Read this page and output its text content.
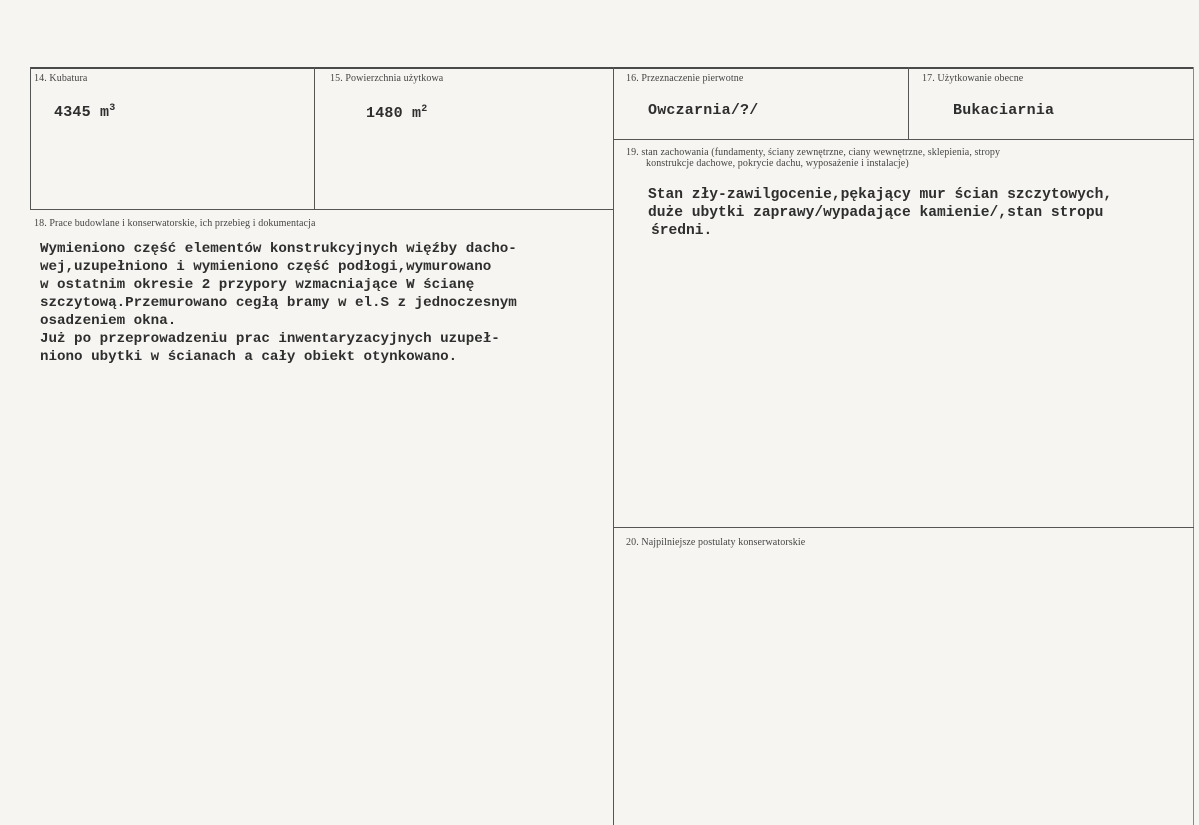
14. Kubatura
4345 $m^3$
15. Powierzchnia użytkowa
1480 $m^2$
16. Przeznaczenie pierwotne
Owczarnia/?/
17. Użytkowanie obecne
Bukaciarnia
19. stan zachowania (fundamenty, ściany zewnętrzne, ciany wewnętrzne, sklepienia, stropy
konstrukcje dachowe, pokrycie dachu, wyposażenie i instalacje)
Stan zły-zawilgocenie,pękający mur ścian szczytowych,
duże ubytki zaprawy/wypadające kamienie/,stan stropu
średni.
18. Prace budowlane i konserwatorskie, ich przebieg i dokumentacja
Wymieniono część elementów konstrukcyjnych więźby dacho-
wej,uzupełniono i wymieniono część podłogi,wymurowano
w ostatnim okresie 2 przypory wzmacniające W ścianę
szczytową.Przemurowano cegłą bramy w el.S z jednoczesnym
osadzeniem okna.
Już po przeprowadzeniu prac inwentaryzacyjnych uzupeł-
niono ubytki w ścianach a cały obiekt otynkowano.
20. Najpilniejsze postulaty konserwatorskie
